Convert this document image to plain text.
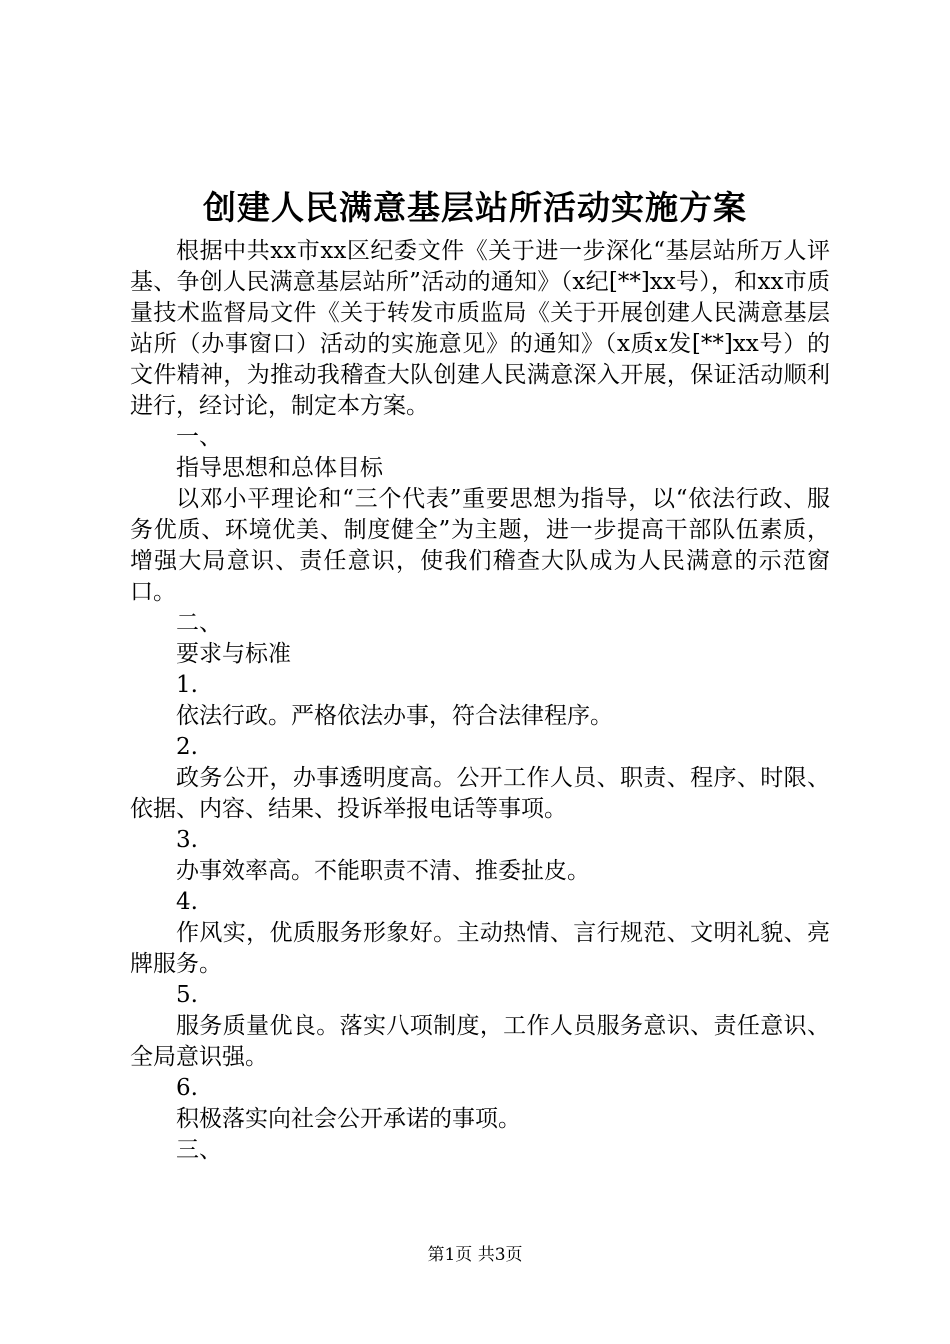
创建人民满意基层站所活动实施方案

根据中共xx市xx区纪委文件《关于进一步深化“基层站所万人评基、争创人民满意基层站所”活动的通知》（x纪[**]xx号），和xx市质量技术监督局文件《关于转发市质监局《关于开展创建人民满意基层站所（办事窗口）活动的实施意见》的通知》（x质x发[**]xx号）的文件精神，为推动我稽查大队创建人民满意深入开展，保证活动顺利进行，经讨论，制定本方案。

一、

指导思想和总体目标

以邓小平理论和“三个代表”重要思想为指导，以“依法行政、服务优质、环境优美、制度健全”为主题，进一步提高干部队伍素质，增强大局意识、责任意识，使我们稽查大队成为人民满意的示范窗口。

二、

要求与标准

1.

依法行政。严格依法办事，符合法律程序。

2.

政务公开，办事透明度高。公开工作人员、职责、程序、时限、依据、内容、结果、投诉举报电话等事项。

3.

办事效率高。不能职责不清、推委扯皮。

4.

作风实，优质服务形象好。主动热情、言行规范、文明礼貌、亮牌服务。

5.

服务质量优良。落实八项制度，工作人员服务意识、责任意识、全局意识强。

6.

积极落实向社会公开承诺的事项。

三、

第1页 共3页
